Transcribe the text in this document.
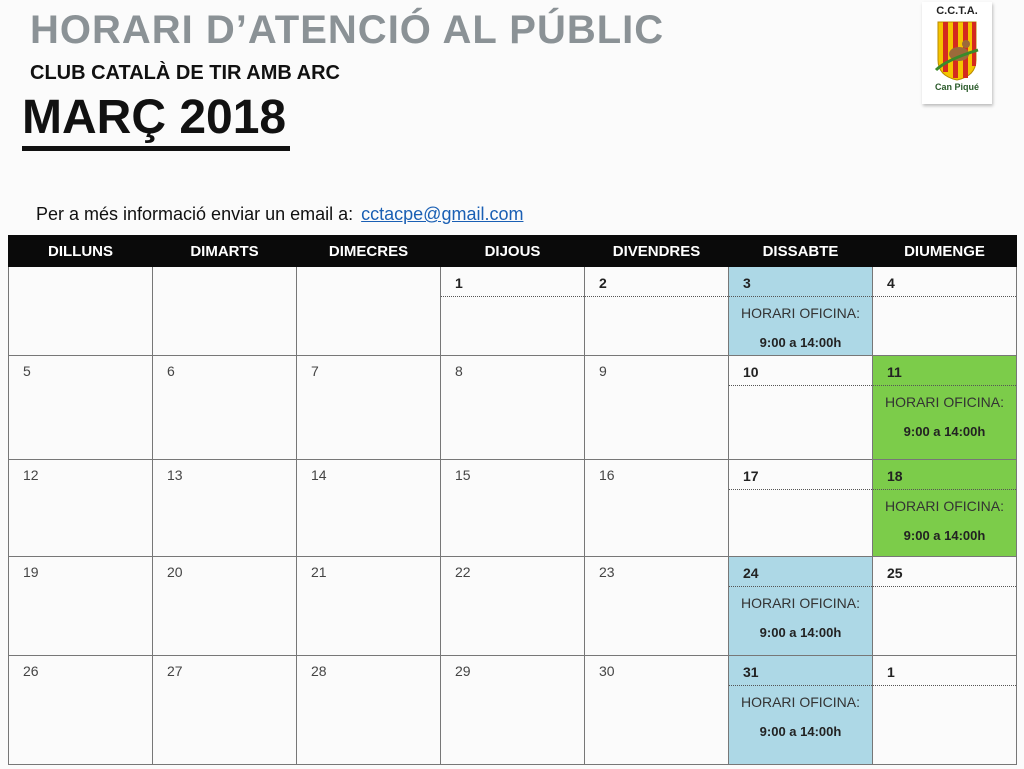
HORARI D’ATENCIÓ AL PÚBLIC
CLUB CATALÀ DE TIR AMB ARC
MARÇ 2018
C.C.T.A.
Can Piqué
Per a més informació enviar un email a: cctacpe@gmail.com
DILLUNS	DIMARTS	DIMECRES	DIJOUS	DIVENDRES	DISSABTE	DIUMENGE

			1	2	3
HORARI OFICINA:
9:00 a 14:00h	4

5	6	7	8	9	10	11
HORARI OFICINA:
9:00 a 14:00h

12	13	14	15	16	17	18
HORARI OFICINA:
9:00 a 14:00h

19	20	21	22	23	24
HORARI OFICINA:
9:00 a 14:00h	25

26	27	28	29	30	31
HORARI OFICINA:
9:00 a 14:00h	1
